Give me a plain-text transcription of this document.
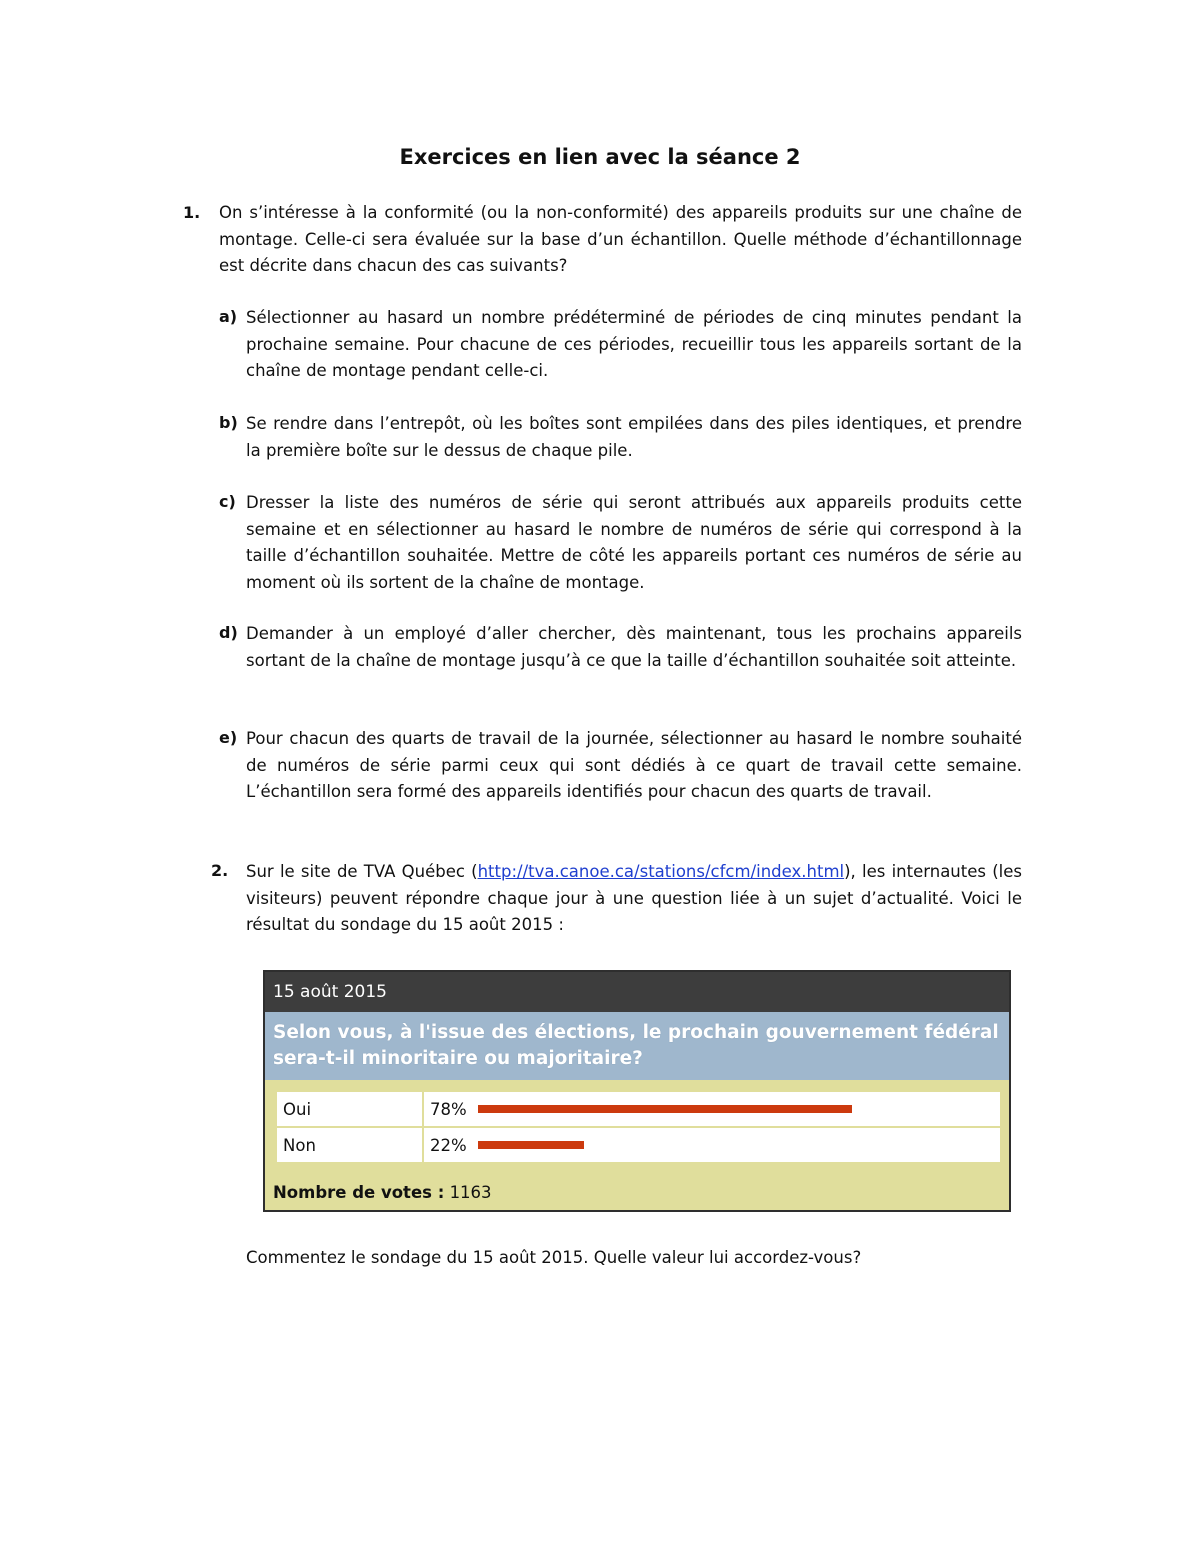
Exercices en lien avec la séance 2
1. On s’intéresse à la conformité (ou la non-conformité) des appareils produits sur une chaîne de montage. Celle-ci sera évaluée sur la base d’un échantillon. Quelle méthode d’échantillonnage est décrite dans chacun des cas suivants?
a) Sélectionner au hasard un nombre prédéterminé de périodes de cinq minutes pendant la prochaine semaine. Pour chacune de ces périodes, recueillir tous les appareils sortant de la chaîne de montage pendant celle-ci.
b) Se rendre dans l’entrepôt, où les boîtes sont empilées dans des piles identiques, et prendre la première boîte sur le dessus de chaque pile.
c) Dresser la liste des numéros de série qui seront attribués aux appareils produits cette semaine et en sélectionner au hasard le nombre de numéros de série qui correspond à la taille d’échantillon souhaitée. Mettre de côté les appareils portant ces numéros de série au moment où ils sortent de la chaîne de montage.
d) Demander à un employé d’aller chercher, dès maintenant, tous les prochains appareils sortant de la chaîne de montage jusqu’à ce que la taille d’échantillon souhaitée soit atteinte.
e) Pour chacun des quarts de travail de la journée, sélectionner au hasard le nombre souhaité de numéros de série parmi ceux qui sont dédiés à ce quart de travail cette semaine. L’échantillon sera formé des appareils identifiés pour chacun des quarts de travail.
2. Sur le site de TVA Québec (http://tva.canoe.ca/stations/cfcm/index.html), les internautes (les visiteurs) peuvent répondre chaque jour à une question liée à un sujet d’actualité. Voici le résultat du sondage du 15 août 2015 :
15 août 2015
Selon vous, à l'issue des élections, le prochain gouvernement fédéral sera-t-il minoritaire ou majoritaire?
Oui	78%

Non	22%
Nombre de votes : 1163
Commentez le sondage du 15 août 2015. Quelle valeur lui accordez-vous?
